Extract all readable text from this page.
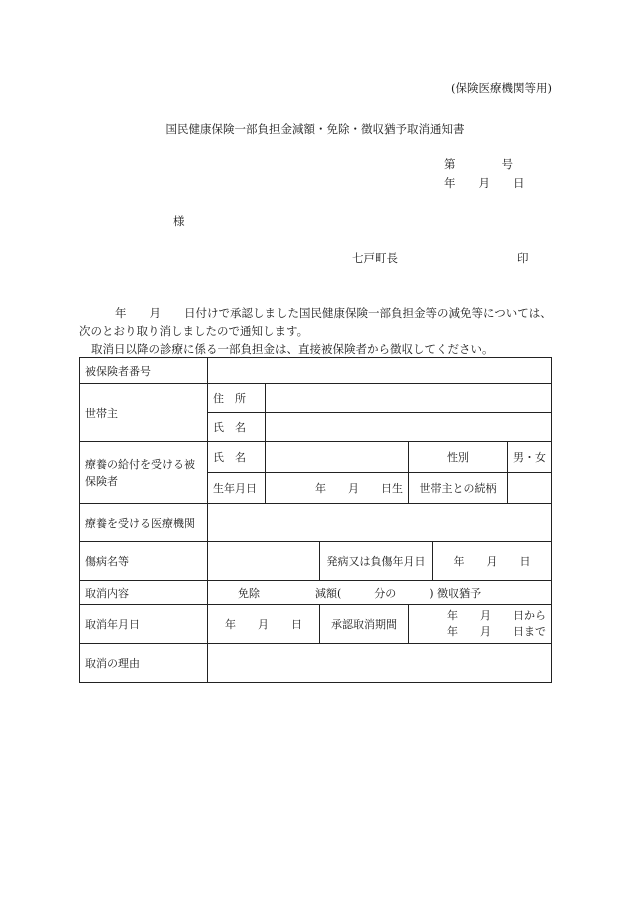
(保険医療機関等用)
国民健康保険一部負担金減額・免除・徴収猶予取消通知書
第　　　　号
年　　月　　日
様
七戸町長	印
年　　月　　日付けで承認しました国民健康保険一部負担金等の減免等については、
次のとおり取り消しましたので通知します。
取消日以降の診療に係る一部負担金は、直接被保険者から徴収してください。
被保険者番号						
世帯主	住　所					
	氏　名					
療養の給付を受ける被保険者	氏　名			性別		男・女
	生年月日	年　　月　　日生		世帯主との続柄		
療養を受ける医療機関						
傷病名等			発病又は負傷年月日		年　　月　　日	
取消内容	免除 減額(　　　分の　　　) 徴収猶予					
取消年月日	年　　月　　日		承認取消期間	年　　月　　日から
年　　月　　日まで		

取消の理由						
